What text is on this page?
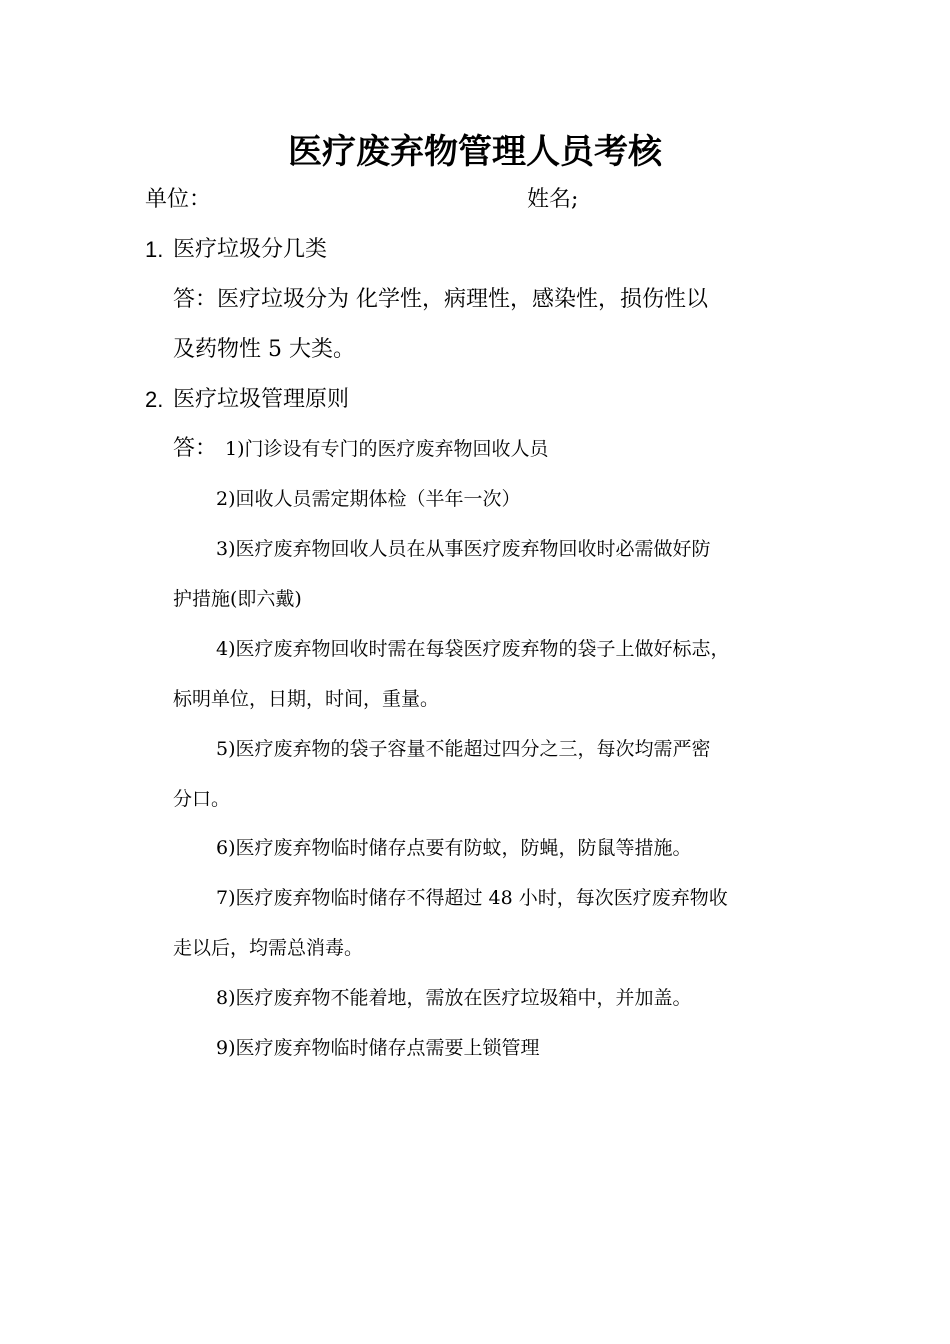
医疗废弃物管理人员考核
单位：	姓名;
1. 医疗垃圾分几类
答：医疗垃圾分为 化学性，病理性，感染性，损伤性以
及药物性 5 大类。
2. 医疗垃圾管理原则
答： 1)门诊设有专门的医疗废弃物回收人员
2)回收人员需定期体检（半年一次）
3)医疗废弃物回收人员在从事医疗废弃物回收时必需做好防
护措施(即六戴)
4)医疗废弃物回收时需在每袋医疗废弃物的袋子上做好标志，
标明单位，日期，时间，重量。
5)医疗废弃物的袋子容量不能超过四分之三，每次均需严密
分口。
6)医疗废弃物临时储存点要有防蚊，防蝇，防鼠等措施。
7)医疗废弃物临时储存不得超过 48 小时，每次医疗废弃物收
走以后，均需总消毒。
8)医疗废弃物不能着地，需放在医疗垃圾箱中，并加盖。
9)医疗废弃物临时储存点需要上锁管理
